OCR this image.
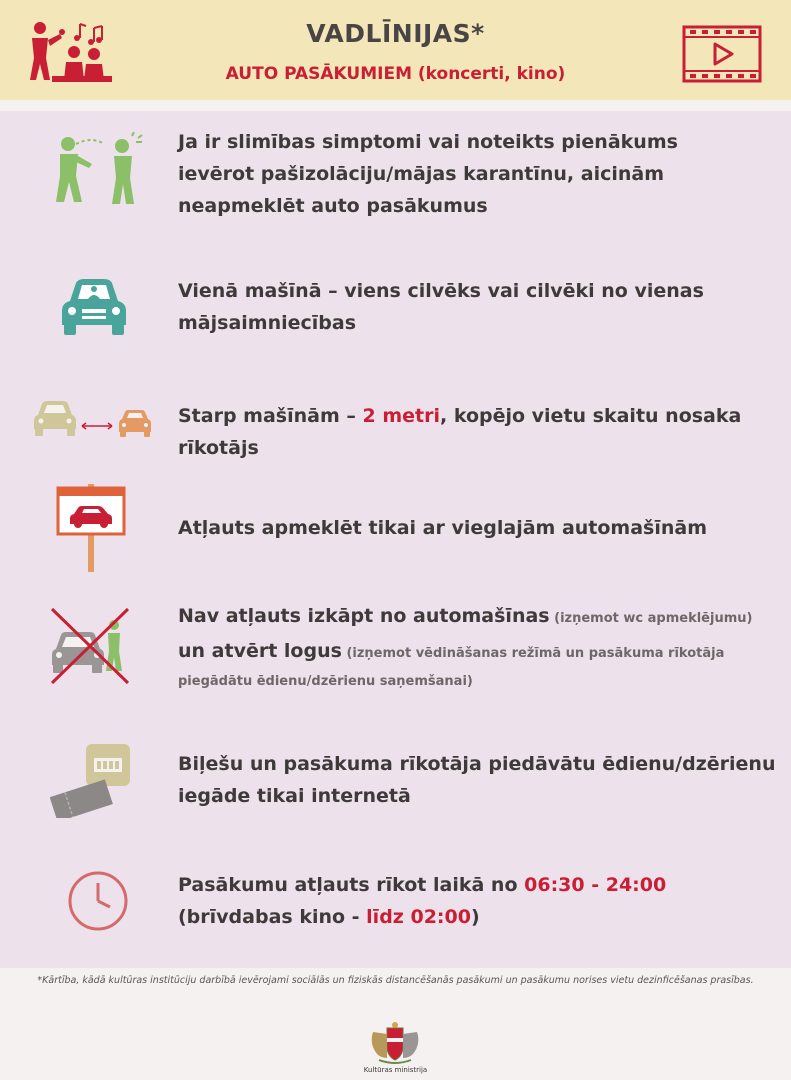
VADLĪNIJAS*
AUTO PASĀKUMIEM (koncerti, kino)
Ja ir slimības simptomi vai noteikts pienākums
ievērot pašizolāciju/mājas karantīnu, aicinām
neapmeklēt auto pasākumus
Vienā mašīnā – viens cilvēks vai cilvēki no vienas
mājsaimniecības
Starp mašīnām – 2 metri, kopējo vietu skaitu nosaka
rīkotājs
Atļauts apmeklēt tikai ar vieglajām automašīnām
Nav atļauts izkāpt no automašīnas (izņemot wc apmeklējumu)
un atvērt logus (izņemot vēdināšanas režīmā un pasākuma rīkotāja
piegādātu ēdienu/dzērienu saņemšanai)
Biļešu un pasākuma rīkotāja piedāvātu ēdienu/dzērienu
iegāde tikai internetā
Pasākumu atļauts rīkot laikā no 06:30 - 24:00
(brīvdabas kino - līdz 02:00)
*Kārtība, kādā kultūras institūciju darbībā ievērojami sociālās un fiziskās distancēšanās pasākumi un pasākumu norises vietu dezinficēšanas prasības.
Kultūras ministrija
